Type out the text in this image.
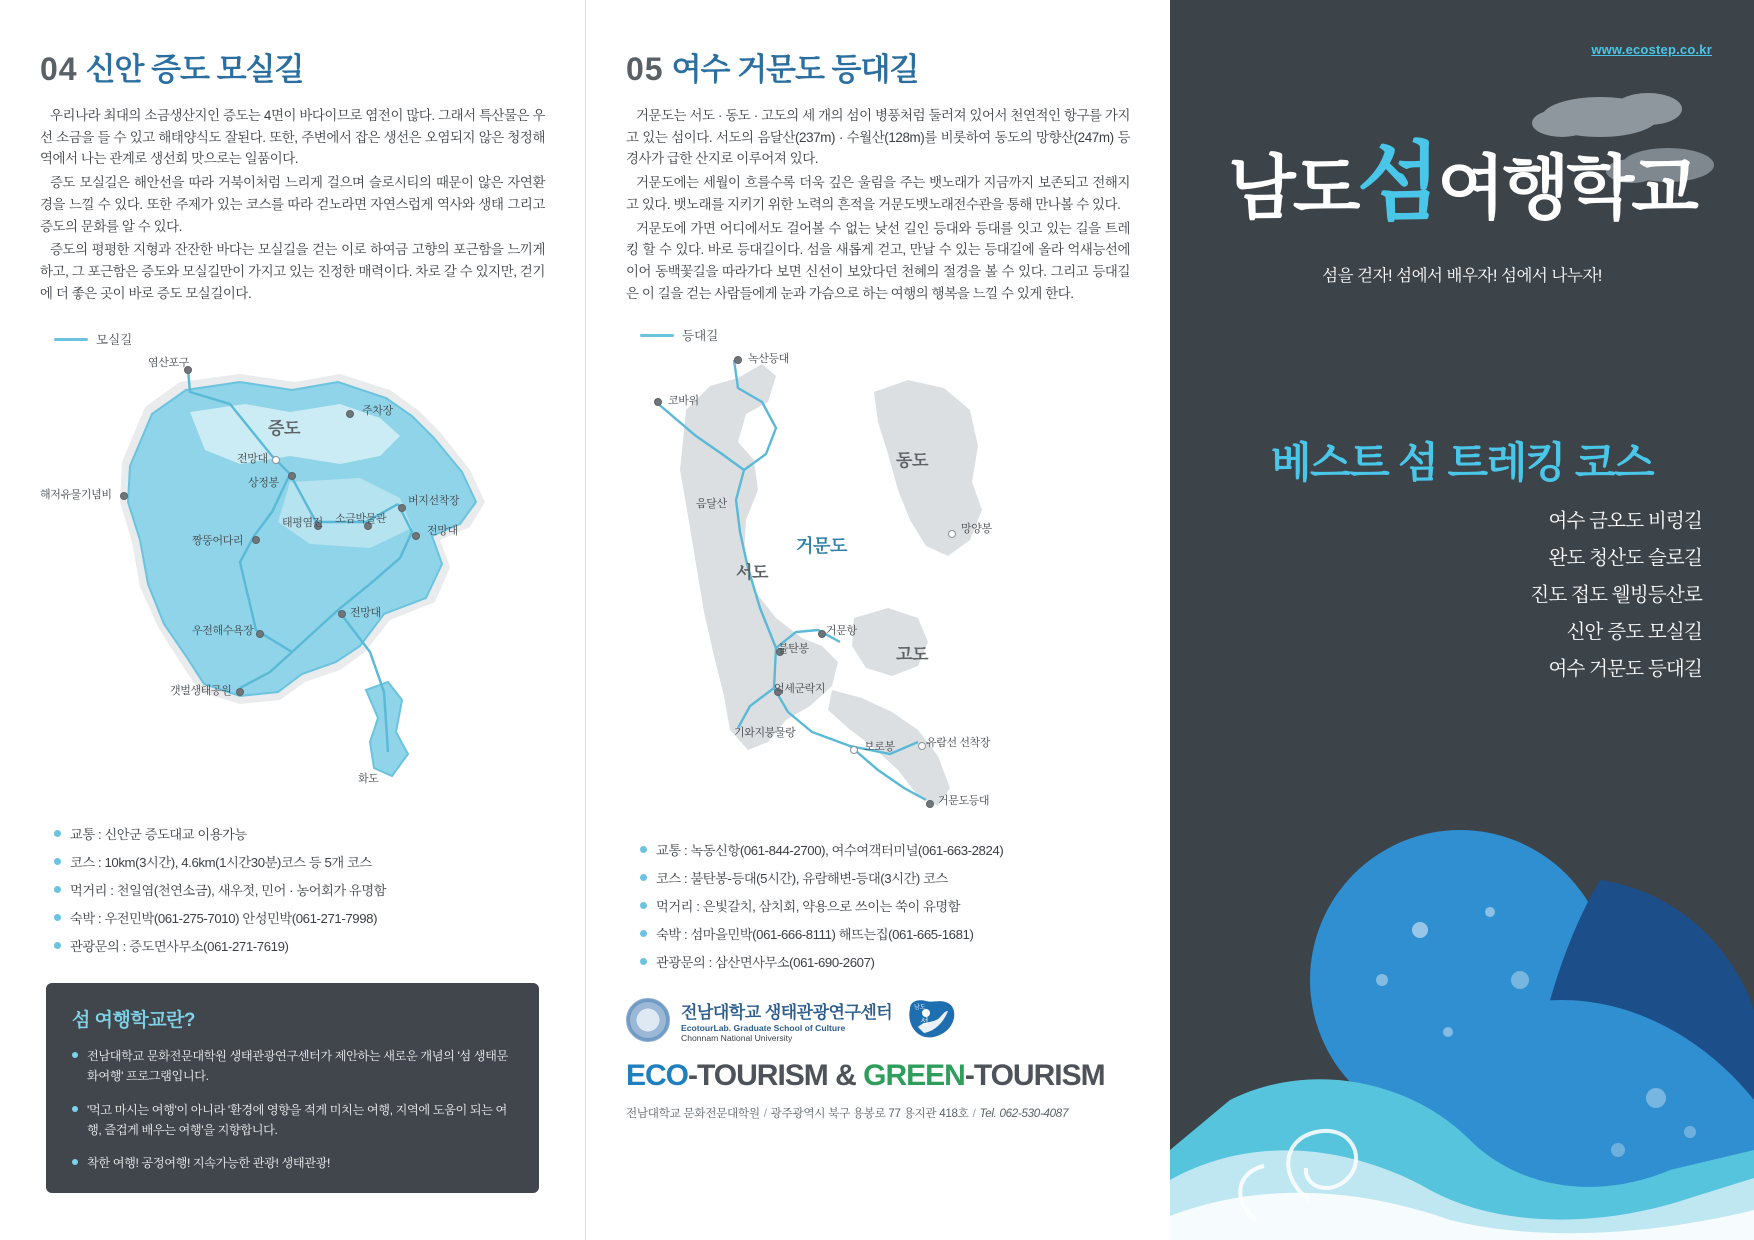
04 신안 증도 모실길

우리나라 최대의 소금생산지인 증도는 4면이 바다이므로 염전이 많다. 그래서 특산물은 우선 소금을 들 수 있고 해태양식도 잘된다. 또한, 주변에서 잡은 생선은 오염되지 않은 청정해역에서 나는 관계로 생선회 맛으로는 일품이다.

증도 모실길은 해안선을 따라 거북이처럼 느리게 걸으며 슬로시티의 때문이 않은 자연환경을 느낄 수 있다. 또한 주제가 있는 코스를 따라 걷노라면 자연스럽게 역사와 생태 그리고 증도의 문화를 알 수 있다.

증도의 평평한 지형과 잔잔한 바다는 모실길을 걷는 이로 하여금 고향의 포근함을 느끼게 하고, 그 포근함은 증도와 모실길만이 가지고 있는 진정한 매력이다. 차로 갈 수 있지만, 걷기에 더 좋은 곳이 바로 증도 모실길이다.

모실길
염산포구
주차장
증도
전망대
상정봉
해저유물기념비
태평염전 소금박물관
버지선착장
전망대
짱뚱어다리
전망대
우전해수욕장
갯벌생태공원
화도
교통 : 신안군 증도대교 이용가능
코스 : 10km(3시간), 4.6km(1시간30분)코스 등 5개 코스
먹거리 : 천일염(천연소금), 새우젓, 민어 · 농어회가 유명함
숙박 : 우전민박(061-275-7010) 안성민박(061-271-7998)
관광문의 : 증도면사무소(061-271-7619)
섬 여행학교란?
전남대학교 문화전문대학원 생태관광연구센터가 제안하는 새로운 개념의 '섬 생태문화여행' 프로그램입니다.
'먹고 마시는 여행'이 아니라 '환경에 영향을 적게 미치는 여행, 지역에 도움이 되는 여행, 즐겁게 배우는 여행'을 지향합니다.
착한 여행! 공정여행! 지속가능한 관광! 생태관광!
05 여수 거문도 등대길

거문도는 서도 · 동도 · 고도의 세 개의 섬이 병풍처럼 둘러져 있어서 천연적인 항구를 가지고 있는 섬이다. 서도의 음달산(237m) · 수월산(128m)를 비롯하여 동도의 망향산(247m) 등 경사가 급한 산지로 이루어져 있다.

거문도에는 세월이 흐를수록 더욱 깊은 울림을 주는 뱃노래가 지금까지 보존되고 전해지고 있다. 뱃노래를 지키기 위한 노력의 흔적을 거문도뱃노래전수관을 통해 만나볼 수 있다.

거문도에 가면 어디에서도 걸어볼 수 없는 낮선 길인 등대와 등대를 잇고 있는 길을 트레킹 할 수 있다. 바로 등대길이다. 섬을 새롭게 걷고, 만날 수 있는 등대길에 올라 억새능선에 이어 동백꽃길을 따라가다 보면 신선이 보았다던 천혜의 절경을 볼 수 있다. 그리고 등대길은 이 길을 걷는 사람들에게 눈과 가슴으로 하는 여행의 행복을 느낄 수 있게 한다.

등대길
녹산등대
코바위
동도
음달산
망양봉
거문도
서도
거문항
불탄봉	고도
억세군락지
기와지붕물랑
보로봉	유람선 선착장
거문도등대
교통 : 녹동신항(061-844-2700), 여수여객터미널(061-663-2824)
코스 : 불탄봉-등대(5시간), 유람해변-등대(3시간) 코스
먹거리 : 은빛갈치, 삼치회, 약용으로 쓰이는 쑥이 유명함
숙박 : 섬마을민박(061-666-8111) 해뜨는집(061-665-1681)
관광문의 : 삼산면사무소(061-690-2607)
전남대학교 생태관광연구센터
EcotourLab. Graduate School of Culture
Chonnam National University
남도
섬
ECO-TOURISM & GREEN-TOURISM
전남대학교 문화전문대학원 / 광주광역시 북구 용봉로 77 용지관 418호 / Tel. 062-530-4087
www.ecostep.co.kr
남도섬여행학교
섬을 걷자! 섬에서 배우자! 섬에서 나누자!
베스트 섬 트레킹 코스
여수 금오도 비렁길
완도 청산도 슬로길
진도 접도 웰빙등산로
신안 증도 모실길
여수 거문도 등대길
